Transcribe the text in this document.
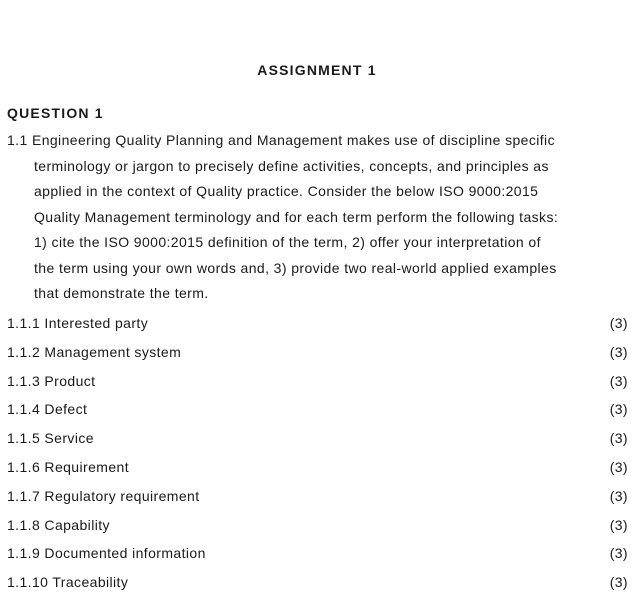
ASSIGNMENT 1
QUESTION 1
1.1 Engineering Quality Planning and Management makes use of discipline specific
terminology or jargon to precisely define activities, concepts, and principles as
applied in the context of Quality practice. Consider the below ISO 9000:2015
Quality Management terminology and for each term perform the following tasks:
1) cite the ISO 9000:2015 definition of the term, 2) offer your interpretation of
the term using your own words and, 3) provide two real-world applied examples
that demonstrate the term.
1.1.1 Interested party	(3)
1.1.2 Management system	(3)
1.1.3 Product	(3)
1.1.4 Defect	(3)
1.1.5 Service	(3)
1.1.6 Requirement	(3)
1.1.7 Regulatory requirement	(3)
1.1.8 Capability	(3)
1.1.9 Documented information	(3)
1.1.10 Traceability	(3)
